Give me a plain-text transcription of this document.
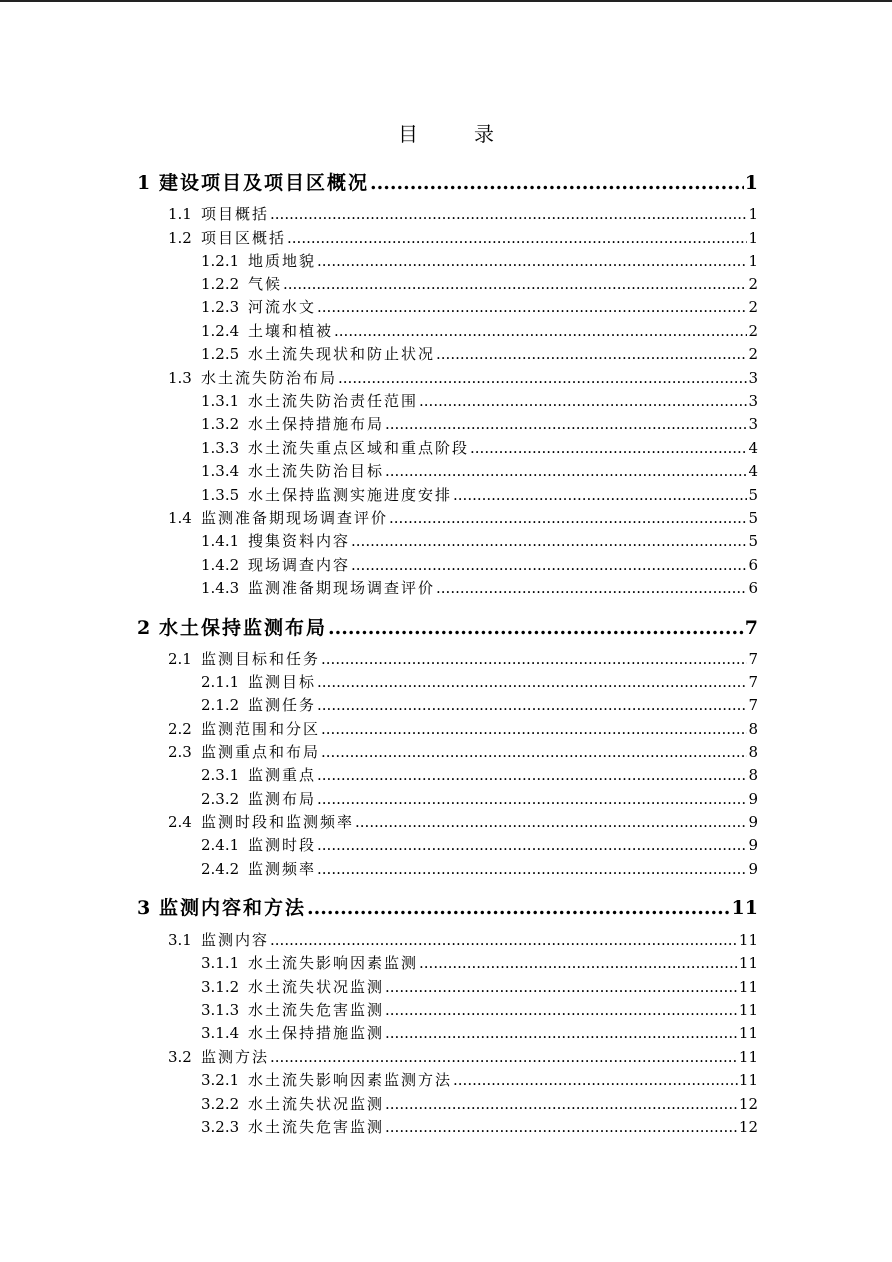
目　录
1 建设项目及项目区概况 .....	1
1.1 项目概括 .....	1
1.2 项目区概括 .....	1
1.2.1 地质地貌 .....	1
1.2.2 气候 .....	2
1.2.3 河流水文 .....	2
1.2.4 土壤和植被 .....	2
1.2.5 水土流失现状和防止状况 .....	2
1.3 水土流失防治布局 .....	3
1.3.1 水土流失防治责任范围 .....	3
1.3.2 水土保持措施布局 .....	3
1.3.3 水土流失重点区域和重点阶段 .....	4
1.3.4 水土流失防治目标 .....	4
1.3.5 水土保持监测实施进度安排 .....	5
1.4 监测准备期现场调查评价 .....	5
1.4.1 搜集资料内容 .....	5
1.4.2 现场调查内容 .....	6
1.4.3 监测准备期现场调查评价 .....	6
2 水土保持监测布局 .....	7
2.1 监测目标和任务 .....	7
2.1.1 监测目标 .....	7
2.1.2 监测任务 .....	7
2.2 监测范围和分区 .....	8
2.3 监测重点和布局 .....	8
2.3.1 监测重点 .....	8
2.3.2 监测布局 .....	9
2.4 监测时段和监测频率 .....	9
2.4.1 监测时段 .....	9
2.4.2 监测频率 .....	9
3 监测内容和方法 .....	11
3.1 监测内容 .....	11
3.1.1 水土流失影响因素监测 .....	11
3.1.2 水土流失状况监测 .....	11
3.1.3 水土流失危害监测 .....	11
3.1.4 水土保持措施监测 .....	11
3.2 监测方法 .....	11
3.2.1 水土流失影响因素监测方法 .....	11
3.2.2 水土流失状况监测 .....	12
3.2.3 水土流失危害监测 .....	12
